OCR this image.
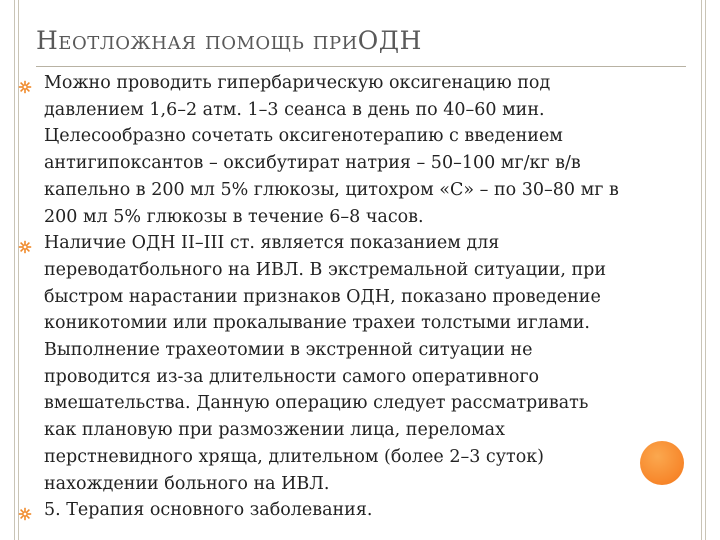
Неотложная помощь приОДН
Можно проводить гипербарическую оксигенацию под
давлением 1,6–2 атм. 1–3 сеанса в день по 40–60 мин.
Целесообразно сочетать оксигенотерапию с введением
антигипоксантов – оксибутират натрия – 50–100 мг/кг в/в
капельно в 200 мл 5% глюкозы, цитохром «С» – по 30–80 мг в
200 мл 5% глюкозы в течение 6–8 часов.
Наличие ОДН II–III ст. является показанием для
переводатбольного на ИВЛ. В экстремальной ситуации, при
быстром нарастании признаков ОДН, показано проведение
коникотомии или прокалывание трахеи толстыми иглами.
Выполнение трахеотомии в экстренной ситуации не
проводится из-за длительности самого оперативного
вмешательства. Данную операцию следует рассматривать
как плановую при размозжении лица, переломах
перстневидного хряща, длительном (более 2–3 суток)
нахождении больного на ИВЛ.
5. Терапия основного заболевания.
